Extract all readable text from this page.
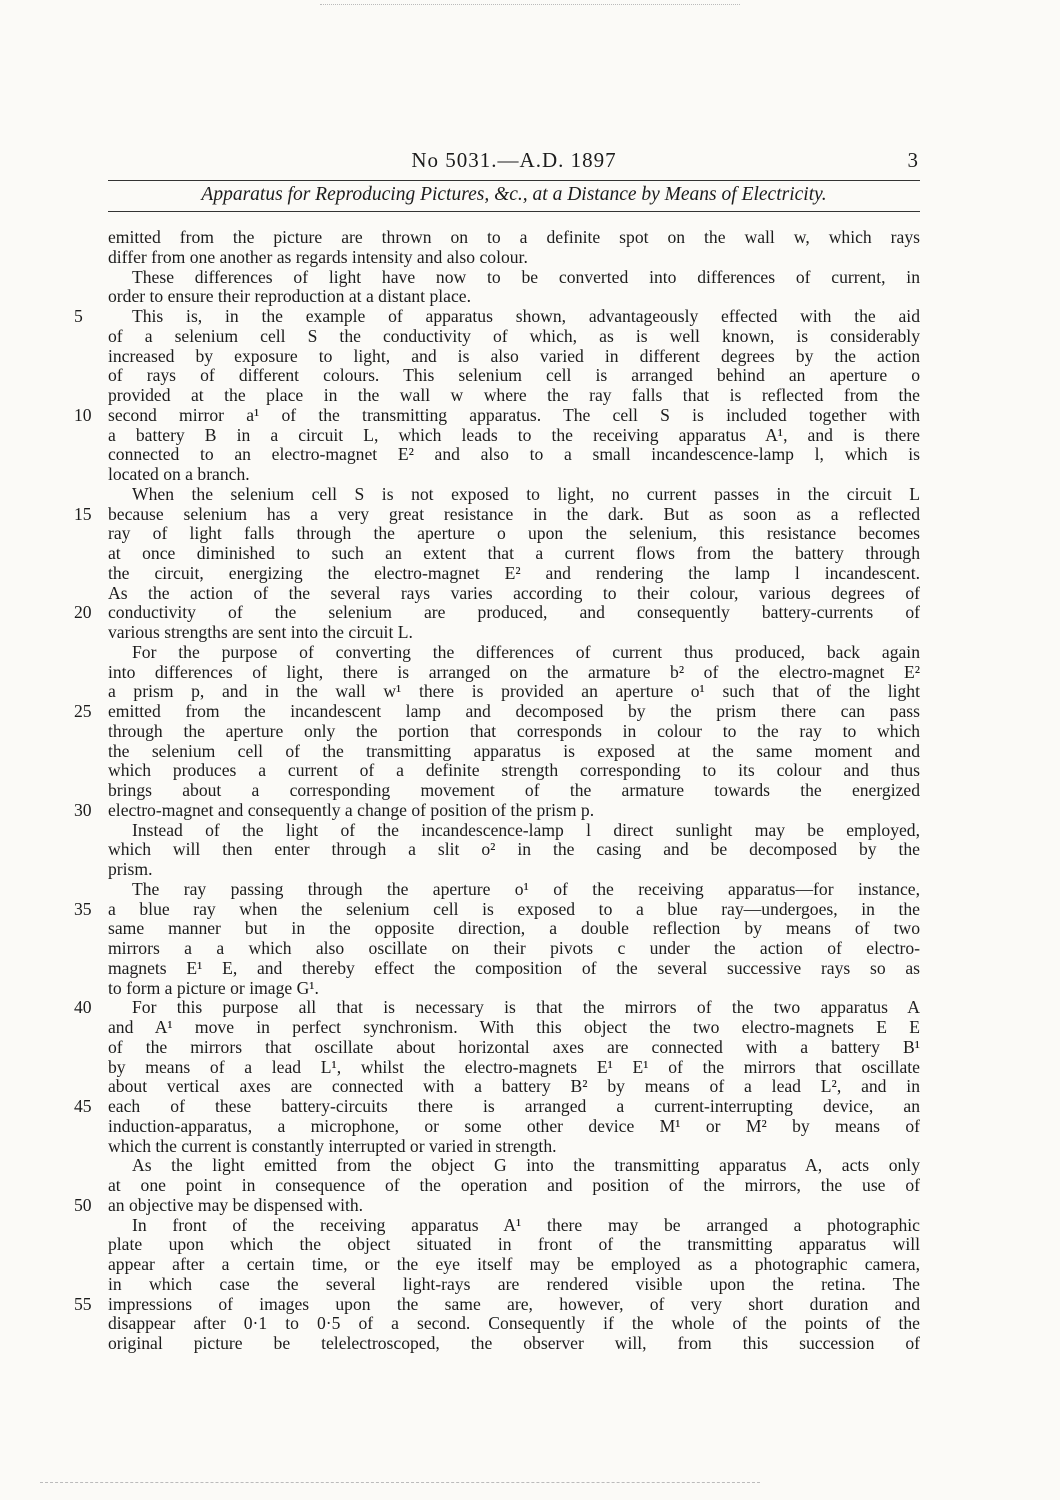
No 5031.—A.D. 1897	3
Apparatus for Reproducing Pictures, &c., at a Distance by Means of Electricity.
emitted from the picture are thrown on to a definite spot on the wall w, which rays
differ from one another as regards intensity and also colour.
These differences of light have now to be converted into differences of current, in
order to ensure their reproduction at a distant place.
5	This is, in the example of apparatus shown, advantageously effected with the aid
of a selenium cell S the conductivity of which, as is well known, is considerably
increased by exposure to light, and is also varied in different degrees by the action
of rays of different colours. This selenium cell is arranged behind an aperture o
provided at the place in the wall w where the ray falls that is reflected from the
10 second mirror a¹ of the transmitting apparatus. The cell S is included together with
a battery B in a circuit L, which leads to the receiving apparatus A¹, and is there
connected to an electro-magnet E² and also to a small incandescence-lamp l, which is
located on a branch.
When the selenium cell S is not exposed to light, no current passes in the circuit L
15 because selenium has a very great resistance in the dark. But as soon as a reflected
ray of light falls through the aperture o upon the selenium, this resistance becomes
at once diminished to such an extent that a current flows from the battery through
the circuit, energizing the electro-magnet E² and rendering the lamp l incandescent.
As the action of the several rays varies according to their colour, various degrees of
20 conductivity of the selenium are produced, and consequently battery-currents of
various strengths are sent into the circuit L.
For the purpose of converting the differences of current thus produced, back again
into differences of light, there is arranged on the armature b² of the electro-magnet E²
a prism p, and in the wall w¹ there is provided an aperture o¹ such that of the light
25 emitted from the incandescent lamp and decomposed by the prism there can pass
through the aperture only the portion that corresponds in colour to the ray to which
the selenium cell of the transmitting apparatus is exposed at the same moment and
which produces a current of a definite strength corresponding to its colour and thus
brings about a corresponding movement of the armature towards the energized
30 electro-magnet and consequently a change of position of the prism p.
Instead of the light of the incandescence-lamp l direct sunlight may be employed,
which will then enter through a slit o² in the casing and be decomposed by the
prism.
The ray passing through the aperture o¹ of the receiving apparatus—for instance,
35 a blue ray when the selenium cell is exposed to a blue ray—undergoes, in the
same manner but in the opposite direction, a double reflection by means of two
mirrors a a which also oscillate on their pivots c under the action of electro-
magnets E¹ E, and thereby effect the composition of the several successive rays so as
to form a picture or image G¹.
40	For this purpose all that is necessary is that the mirrors of the two apparatus A
and A¹ move in perfect synchronism. With this object the two electro-magnets E E
of the mirrors that oscillate about horizontal axes are connected with a battery B¹
by means of a lead L¹, whilst the electro-magnets E¹ E¹ of the mirrors that oscillate
about vertical axes are connected with a battery B² by means of a lead L², and in
45 each of these battery-circuits there is arranged a current-interrupting device, an
induction-apparatus, a microphone, or some other device M¹ or M² by means of
which the current is constantly interrupted or varied in strength.
As the light emitted from the object G into the transmitting apparatus A, acts only
at one point in consequence of the operation and position of the mirrors, the use of
50 an objective may be dispensed with.
In front of the receiving apparatus A¹ there may be arranged a photographic
plate upon which the object situated in front of the transmitting apparatus will
appear after a certain time, or the eye itself may be employed as a photographic camera,
in which case the several light-rays are rendered visible upon the retina. The
55 impressions of images upon the same are, however, of very short duration and
disappear after 0·1 to 0·5 of a second. Consequently if the whole of the points of the
original picture be telelectroscoped, the observer will, from this succession of
